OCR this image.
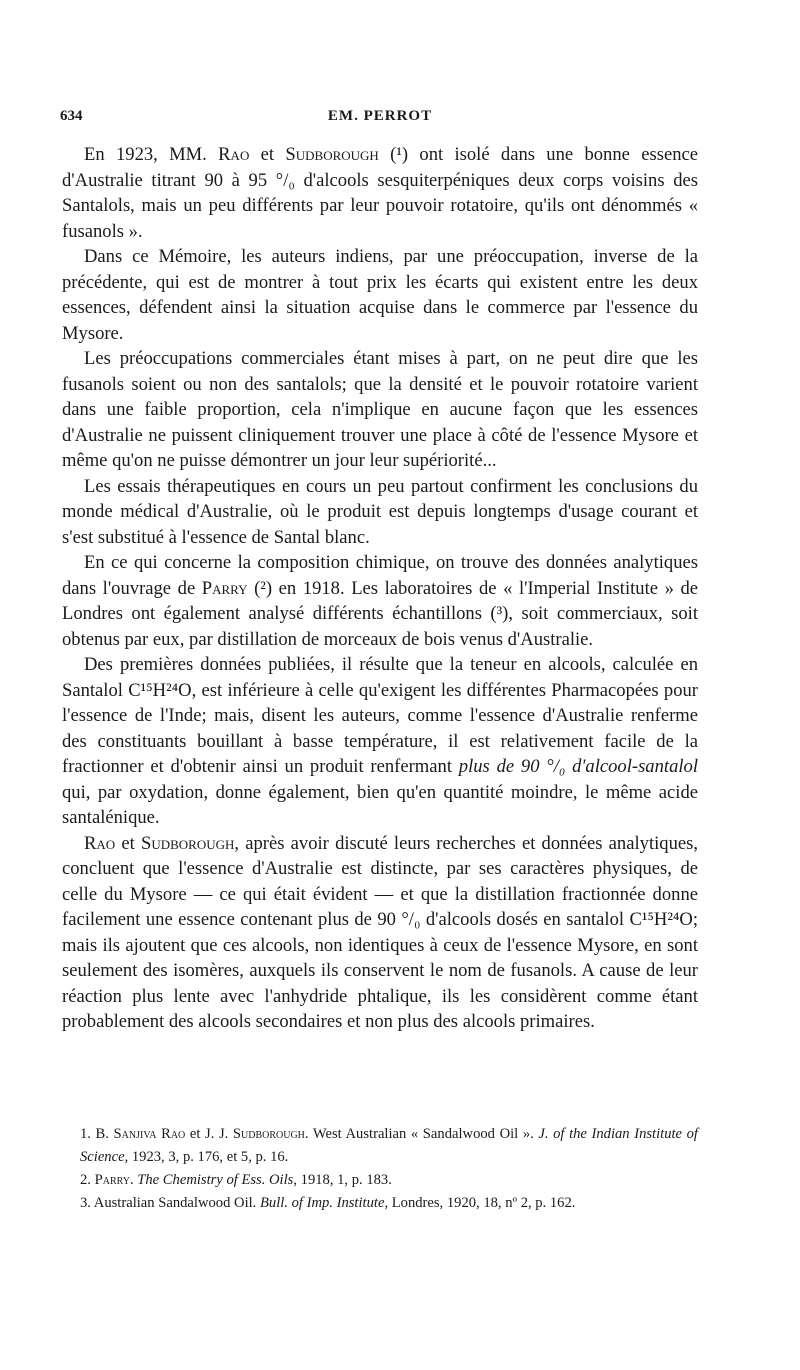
634	EM. PERROT

En 1923, MM. Rao et Sudborough (¹) ont isolé dans une bonne essence d'Australie titrant 90 à 95 °/₀ d'alcools sesquiterpéniques deux corps voisins des Santalols, mais un peu différents par leur pouvoir rotatoire, qu'ils ont dénommés « fusanols ».

Dans ce Mémoire, les auteurs indiens, par une préoccupation, inverse de la précédente, qui est de montrer à tout prix les écarts qui existent entre les deux essences, défendent ainsi la situation acquise dans le commerce par l'essence du Mysore.

Les préoccupations commerciales étant mises à part, on ne peut dire que les fusanols soient ou non des santalols; que la densité et le pouvoir rotatoire varient dans une faible proportion, cela n'implique en aucune façon que les essences d'Australie ne puissent cliniquement trouver une place à côté de l'essence Mysore et même qu'on ne puisse démontrer un jour leur supériorité...

Les essais thérapeutiques en cours un peu partout confirment les conclusions du monde médical d'Australie, où le produit est depuis longtemps d'usage courant et s'est substitué à l'essence de Santal blanc.

En ce qui concerne la composition chimique, on trouve des données analytiques dans l'ouvrage de Parry (²) en 1918. Les laboratoires de « l'Imperial Institute » de Londres ont également analysé différents échantillons (³), soit commerciaux, soit obtenus par eux, par distillation de morceaux de bois venus d'Australie.

Des premières données publiées, il résulte que la teneur en alcools, calculée en Santalol C¹⁵H²⁴O, est inférieure à celle qu'exigent les différentes Pharmacopées pour l'essence de l'Inde; mais, disent les auteurs, comme l'essence d'Australie renferme des constituants bouillant à basse température, il est relativement facile de la fractionner et d'obtenir ainsi un produit renfermant plus de 90 °/₀ d'alcool-santalol qui, par oxydation, donne également, bien qu'en quantité moindre, le même acide santalénique.

Rao et Sudborough, après avoir discuté leurs recherches et données analytiques, concluent que l'essence d'Australie est distincte, par ses caractères physiques, de celle du Mysore — ce qui était évident — et que la distillation fractionnée donne facilement une essence contenant plus de 90 °/₀ d'alcools dosés en santalol C¹⁵H²⁴O; mais ils ajoutent que ces alcools, non identiques à ceux de l'essence Mysore, en sont seulement des isomères, auxquels ils conservent le nom de fusanols. A cause de leur réaction plus lente avec l'anhydride phtalique, ils les considèrent comme étant probablement des alcools secondaires et non plus des alcools primaires.

1. B. Sanjiva Rao et J. J. Sudborough. West Australian « Sandalwood Oil ». J. of the Indian Institute of Science, 1923, 3, p. 176, et 5, p. 16.

2. Parry. The Chemistry of Ess. Oils, 1918, 1, p. 183.

3. Australian Sandalwood Oil. Bull. of Imp. Institute, Londres, 1920, 18, nº 2, p. 162.
